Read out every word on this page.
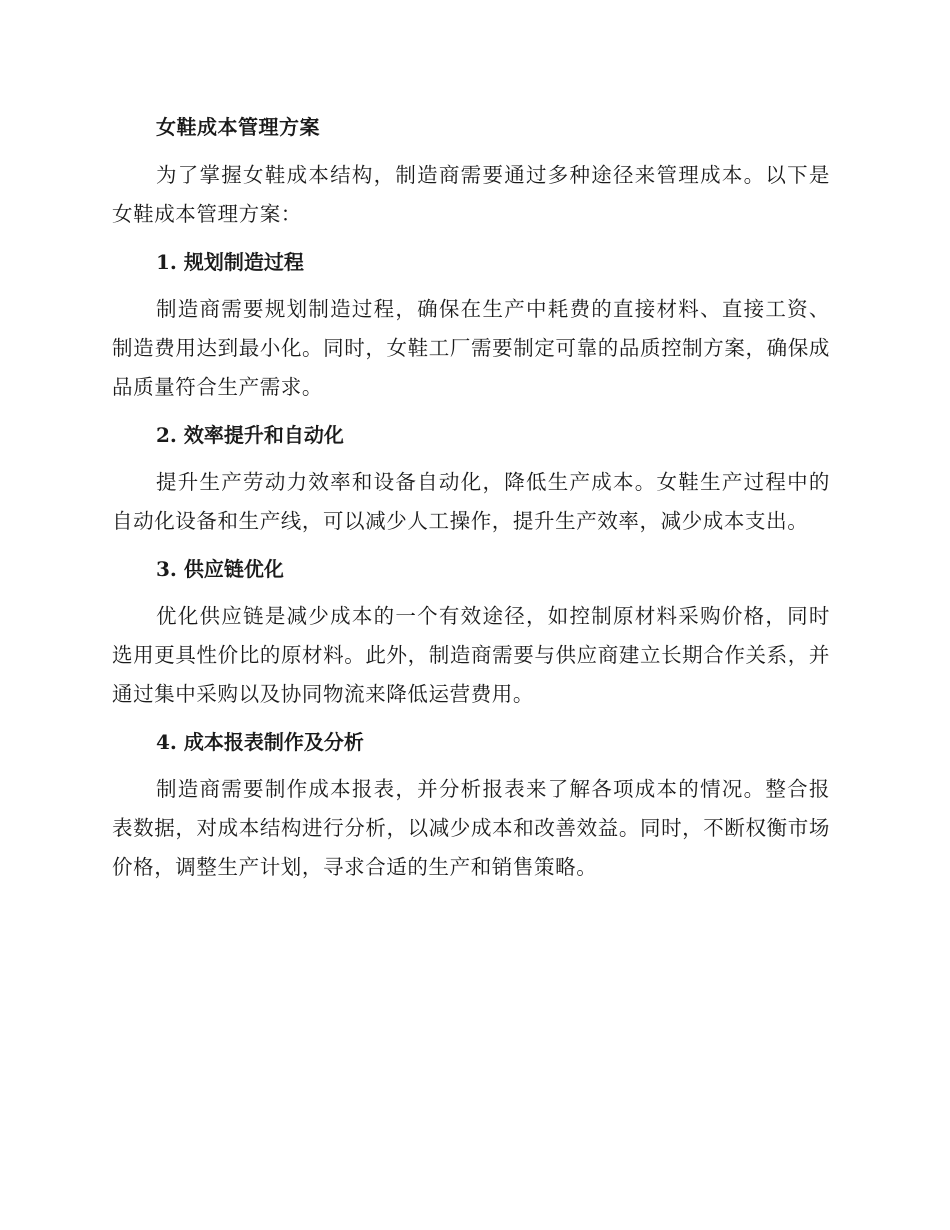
女鞋成本管理方案
为了掌握女鞋成本结构，制造商需要通过多种途径来管理成本。以下是女鞋成本管理方案：
1. 规划制造过程
制造商需要规划制造过程，确保在生产中耗费的直接材料、直接工资、制造费用达到最小化。同时，女鞋工厂需要制定可靠的品质控制方案，确保成品质量符合生产需求。
2. 效率提升和自动化
提升生产劳动力效率和设备自动化，降低生产成本。女鞋生产过程中的自动化设备和生产线，可以减少人工操作，提升生产效率，减少成本支出。
3. 供应链优化
优化供应链是减少成本的一个有效途径，如控制原材料采购价格，同时选用更具性价比的原材料。此外，制造商需要与供应商建立长期合作关系，并通过集中采购以及协同物流来降低运营费用。
4. 成本报表制作及分析
制造商需要制作成本报表，并分析报表来了解各项成本的情况。整合报表数据，对成本结构进行分析，以减少成本和改善效益。同时，不断权衡市场价格，调整生产计划，寻求合适的生产和销售策略。
